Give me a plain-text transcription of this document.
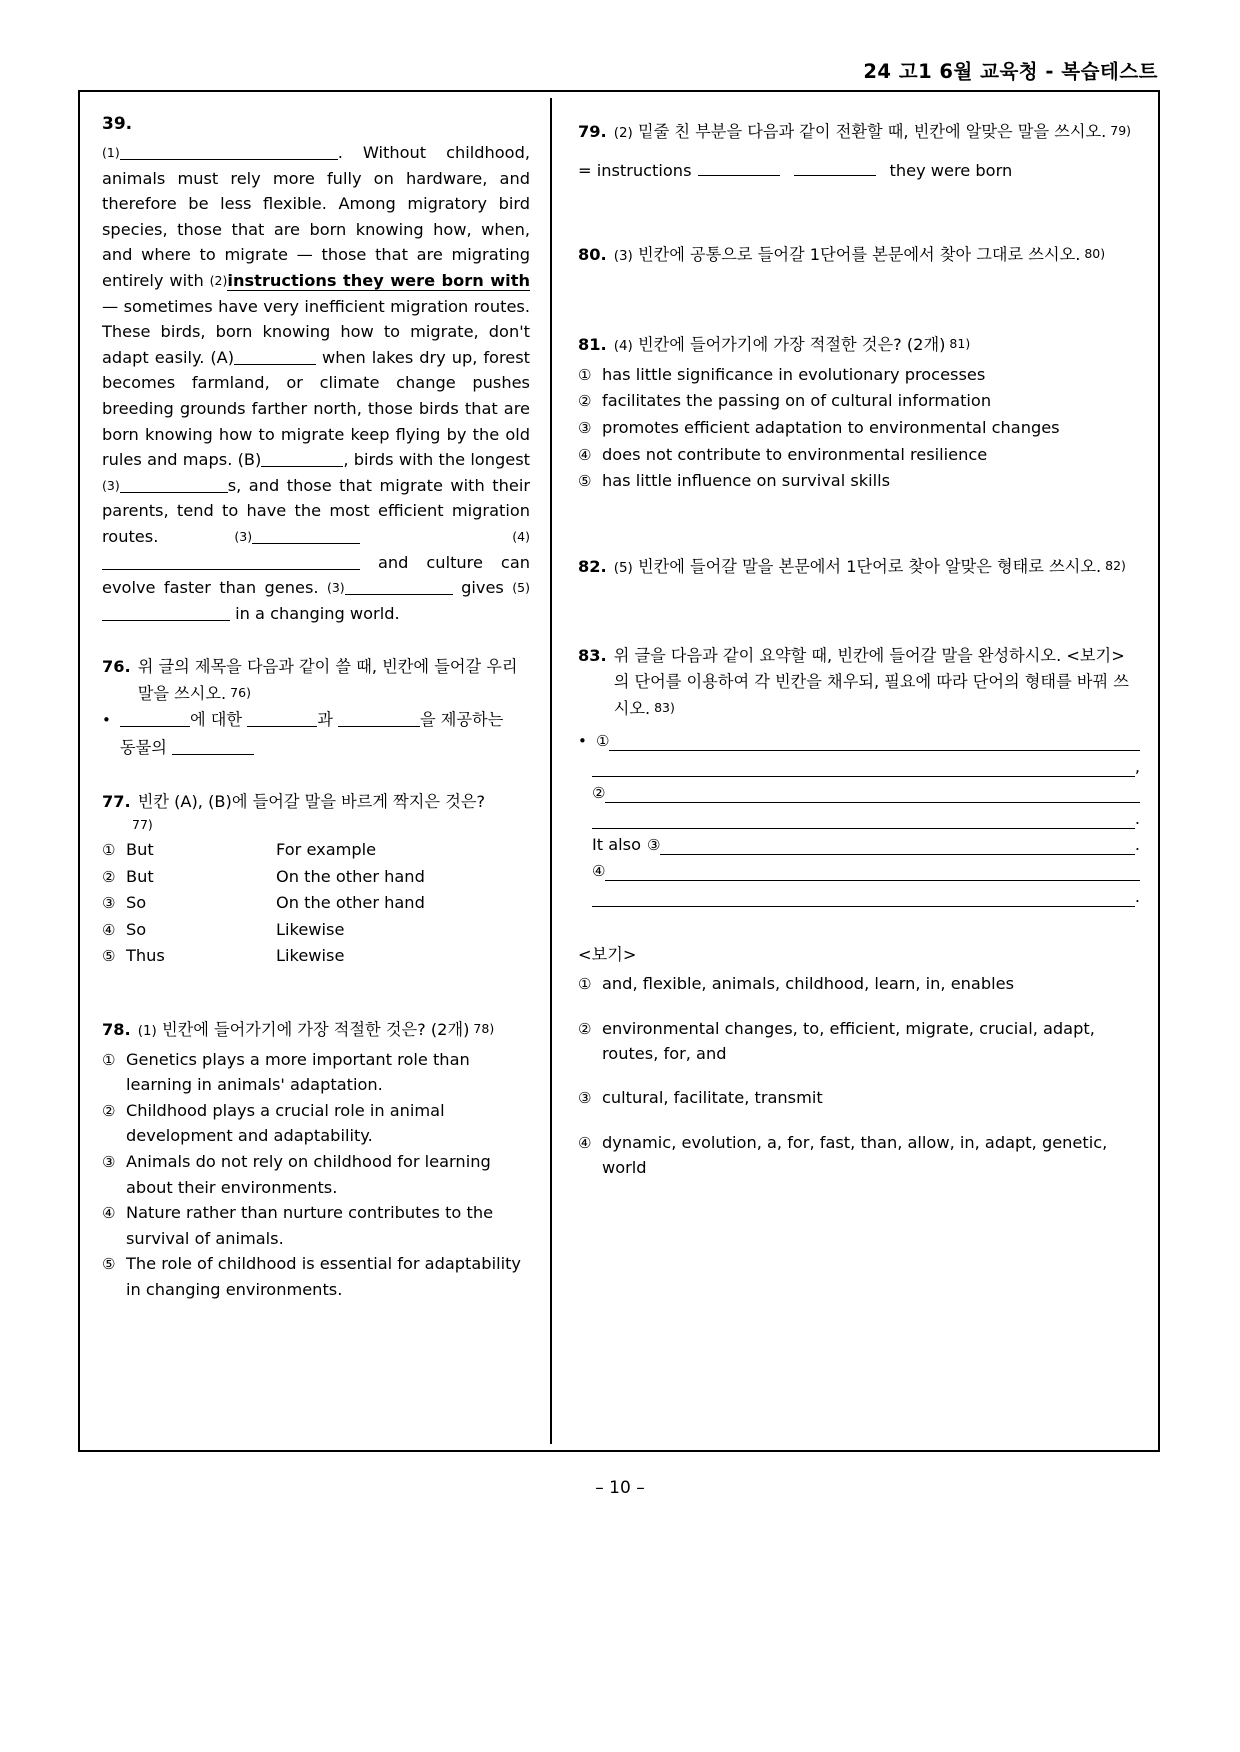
24 고1 6월 교육청 - 복습테스트
39.

(1)	. Without childhood, animals must rely more fully on hardware, and therefore be less flexible. Among migratory bird species, those that are born knowing how, when, and where to migrate — those that are migrating entirely with (2)instructions they were born with — sometimes have very inefficient migration routes. These birds, born knowing how to migrate, don't adapt easily. (A)	when lakes dry up, forest becomes farmland, or climate change pushes breeding grounds farther north, those birds that are born knowing how to migrate keep flying by the old rules and maps. (B)	, birds with the longest (3)	s, and those that migrate with their parents, tend to have the most efficient migration routes. (3)	(4) and culture can evolve faster than genes. (3)	gives (5) in a changing world.

76. 위 글의 제목을 다음과 같이 쓸 때, 빈칸에 들어갈 우리말을 쓰시오. 76)
•	에 대한	과	을 제공하는
동물의
77. 빈칸 (A), (B)에 들어갈 말을 바르게 짝지은 것은?
77)
① But	For example
② But	On the other hand
③ So	On the other hand
④ So	Likewise
⑤ Thus	Likewise
78. (1) 빈칸에 들어가기에 가장 적절한 것은? (2개) 78)
① Genetics plays a more important role than learning in animals' adaptation.
② Childhood plays a crucial role in animal development and adaptability.
③ Animals do not rely on childhood for learning about their environments.
④ Nature rather than nurture contributes to the survival of animals.
⑤ The role of childhood is essential for adaptability in changing environments.
79. (2) 밑줄 친 부분을 다음과 같이 전환할 때, 빈칸에 알맞은 말을 쓰시오. 79)
= instructions	they were born
80. (3) 빈칸에 공통으로 들어갈 1단어를 본문에서 찾아 그대로 쓰시오. 80)
81. (4) 빈칸에 들어가기에 가장 적절한 것은? (2개) 81)
① has little significance in evolutionary processes
② facilitates the passing on of cultural information
③ promotes efficient adaptation to environmental changes
④ does not contribute to environmental resilience
⑤ has little influence on survival skills
82. (5) 빈칸에 들어갈 말을 본문에서 1단어로 찾아 알맞은 형태로 쓰시오. 82)
83. 위 글을 다음과 같이 요약할 때, 빈칸에 들어갈 말을 완성하시오. <보기>의 단어를 이용하여 각 빈칸을 채우되, 필요에 따라 단어의 형태를 바꿔 쓰시오. 83)
• ①
,
②
.
It also ③	.
④
.
<보기>
① and, flexible, animals, childhood, learn, in, enables
② environmental changes, to, efficient, migrate, crucial, adapt, routes, for, and
③ cultural, facilitate, transmit
④ dynamic, evolution, a, for, fast, than, allow, in, adapt, genetic, world
– 10 –
